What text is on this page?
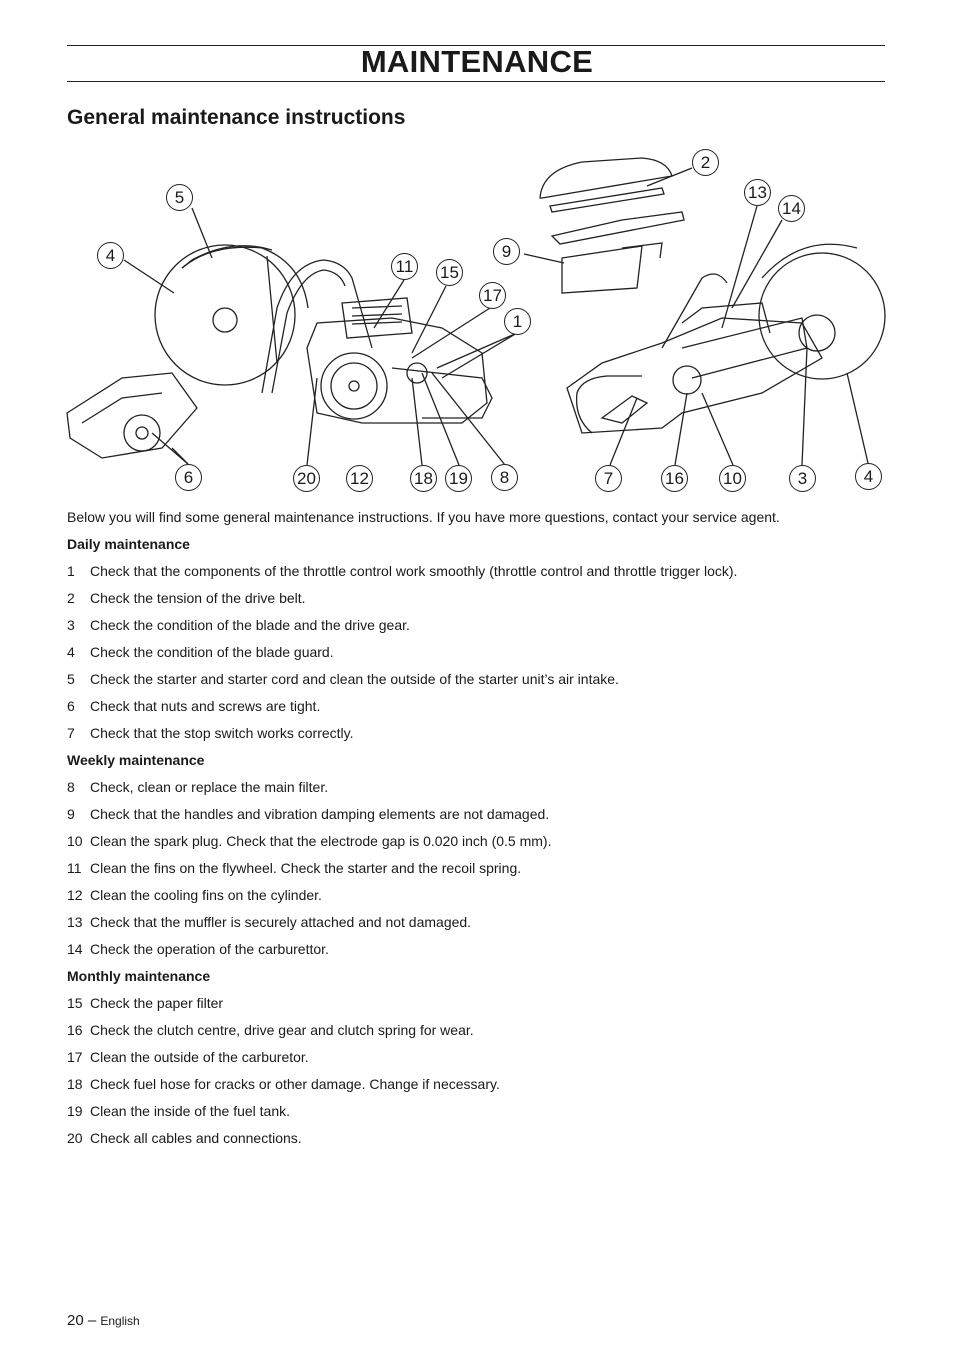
MAINTENANCE
General maintenance instructions
5
4
6
11 15
17
1
20 12	18 19	8
2
13
14
9
7	16 10	3	4
Below you will find some general maintenance instructions. If you have more questions, contact your service agent.
Daily maintenance
1	Check that the components of the throttle control work smoothly (throttle control and throttle trigger lock).
2	Check the tension of the drive belt.
3	Check the condition of the blade and the drive gear.
4	Check the condition of the blade guard.
5	Check the starter and starter cord and clean the outside of the starter unit’s air intake.
6	Check that nuts and screws are tight.
7	Check that the stop switch works correctly.
Weekly maintenance
8	Check, clean or replace the main filter.
9	Check that the handles and vibration damping elements are not damaged.
10 Clean the spark plug. Check that the electrode gap is 0.020 inch (0.5 mm).
11 Clean the fins on the flywheel. Check the starter and the recoil spring.
12 Clean the cooling fins on the cylinder.
13 Check that the muffler is securely attached and not damaged.
14 Check the operation of the carburettor.
Monthly maintenance
15 Check the paper filter
16 Check the clutch centre, drive gear and clutch spring for wear.
17 Clean the outside of the carburetor.
18 Check fuel hose for cracks or other damage. Change if necessary.
19 Clean the inside of the fuel tank.
20 Check all cables and connections.
20 – English
